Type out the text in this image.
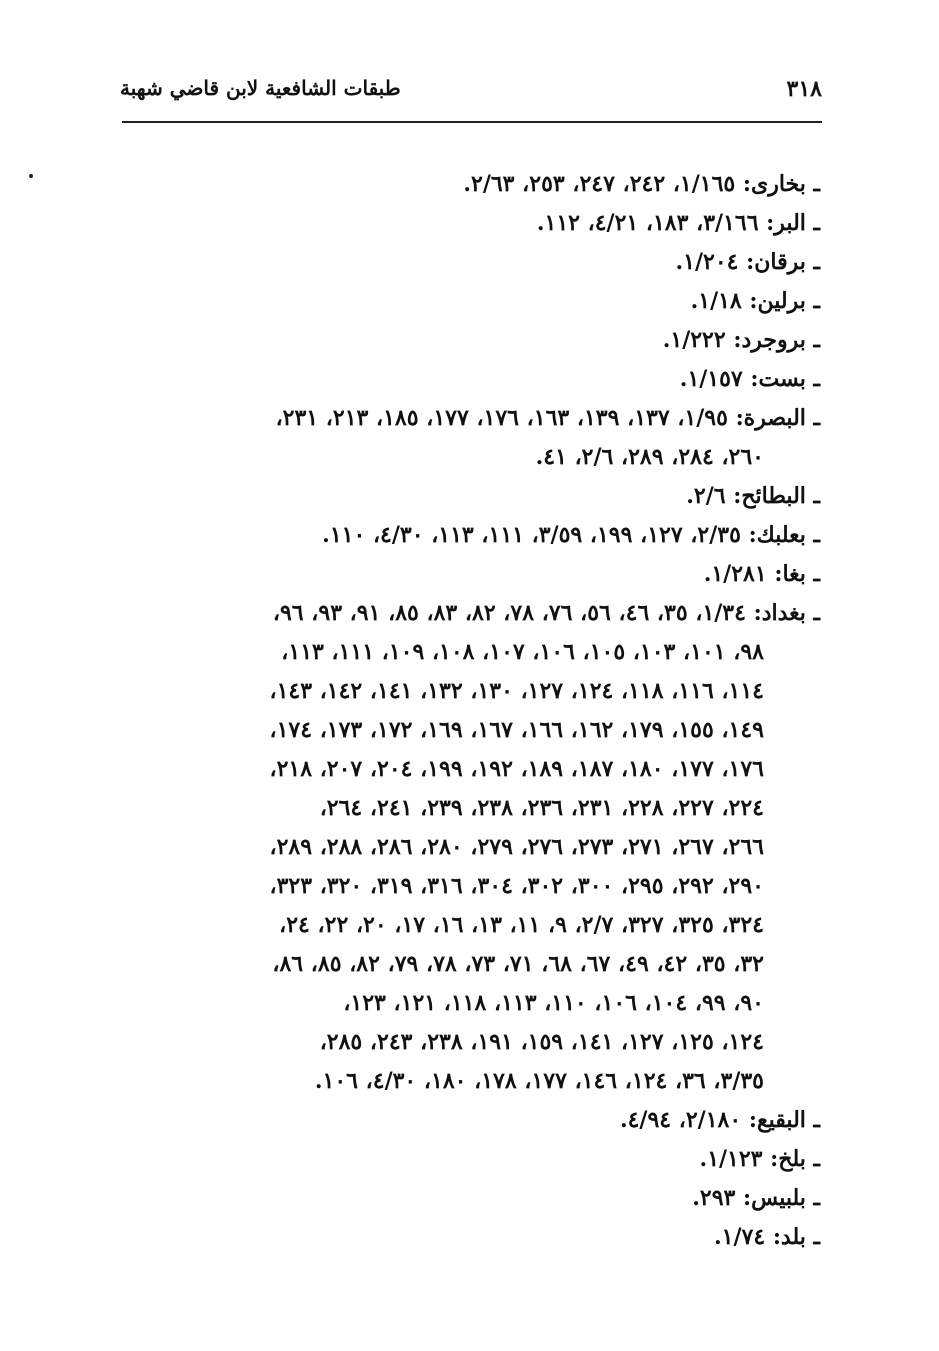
٣١٨
طبقات الشافعية لابن قاضي شهبة
ـ بخارى: ١/١٦٥، ٢٤٢، ٢٤٧، ٢٥٣، ٢/٦٣.
ـ البر: ٣/١٦٦، ١٨٣، ٤/٢١، ١١٢.
ـ برقان: ١/٢٠٤.
ـ برلين: ١/١٨.
ـ بروجرد: ١/٢٢٢.
ـ بست: ١/١٥٧.
ـ البصرة: ١/٩٥، ١٣٧، ١٣٩، ١٦٣، ١٧٦، ١٧٧، ١٨٥، ٢١٣، ٢٣١،
٢٦٠، ٢٨٤، ٢٨٩، ٢/٦، ٤١.
ـ البطائح: ٢/٦.
ـ بعلبك: ٢/٣٥، ١٢٧، ١٩٩، ٣/٥٩، ١١١، ١١٣، ٤/٣٠، ١١٠.
ـ بغا: ١/٢٨١.
ـ بغداد: ١/٣٤، ٣٥، ٤٦، ٥٦، ٧٦، ٧٨، ٨٢، ٨٣، ٨٥، ٩١، ٩٣، ٩٦،
٩٨، ١٠١، ١٠٣، ١٠٥، ١٠٦، ١٠٧، ١٠٨، ١٠٩، ١١١، ١١٣،
١١٤، ١١٦، ١١٨، ١٢٤، ١٢٧، ١٣٠، ١٣٢، ١٤١، ١٤٢، ١٤٣،
١٤٩، ١٥٥، ١٧٩، ١٦٢، ١٦٦، ١٦٧، ١٦٩، ١٧٢، ١٧٣، ١٧٤،
١٧٦، ١٧٧، ١٨٠، ١٨٧، ١٨٩، ١٩٢، ١٩٩، ٢٠٤، ٢٠٧، ٢١٨،
٢٢٤، ٢٢٧، ٢٢٨، ٢٣١، ٢٣٦، ٢٣٨، ٢٣٩، ٢٤١، ٢٦٤،
٢٦٦، ٢٦٧، ٢٧١، ٢٧٣، ٢٧٦، ٢٧٩، ٢٨٠، ٢٨٦، ٢٨٨، ٢٨٩،
٢٩٠، ٢٩٢، ٢٩٥، ٣٠٠، ٣٠٢، ٣٠٤، ٣١٦، ٣١٩، ٣٢٠، ٣٢٣،
٣٢٤، ٣٢٥، ٣٢٧، ٢/٧، ٩، ١١، ١٣، ١٦، ١٧، ٢٠، ٢٢، ٢٤،
٣٢، ٣٥، ٤٢، ٤٩، ٦٧، ٦٨، ٧١، ٧٣، ٧٨، ٧٩، ٨٢، ٨٥، ٨٦،
٩٠، ٩٩، ١٠٤، ١٠٦، ١١٠، ١١٣، ١١٨، ١٢١، ١٢٣،
١٢٤، ١٢٥، ١٢٧، ١٤١، ١٥٩، ١٩١، ٢٣٨، ٢٤٣، ٢٨٥،
٣/٣٥، ٣٦، ١٢٤، ١٤٦، ١٧٧، ١٧٨، ١٨٠، ٤/٣٠، ١٠٦.
ـ البقيع: ٢/١٨٠، ٤/٩٤.
ـ بلخ: ١/١٢٣.
ـ بلبيس: ٢٩٣.
ـ بلد: ١/٧٤.
